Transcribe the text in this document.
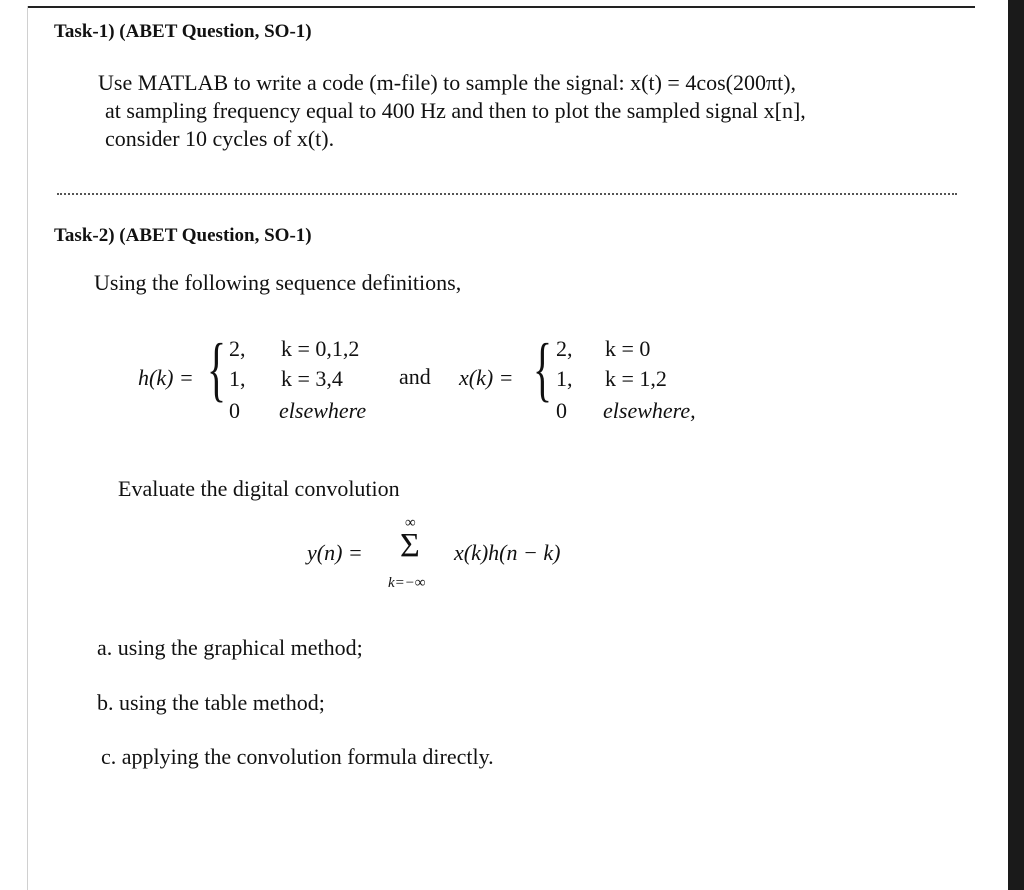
Task-1) (ABET Question, SO-1)
Use MATLAB to write a code (m-file) to sample the signal: x(t) = 4cos(200πt),
at sampling frequency equal to 400 Hz and then to plot the sampled signal x[n],
consider 10 cycles of x(t).
Task-2) (ABET Question, SO-1)
Using the following sequence definitions,
h(k) = { 2,
1,
0
k = 0,1,2
k = 3,4
elsewhere
and x(k) = { 2,
1,
0
k = 0
k = 1,2
elsewhere,
Evaluate the digital convolution
y(n) =
∞
Σ
k=−∞
x(k)h(n − k)
a. using the graphical method;
b. using the table method;
c. applying the convolution formula directly.
